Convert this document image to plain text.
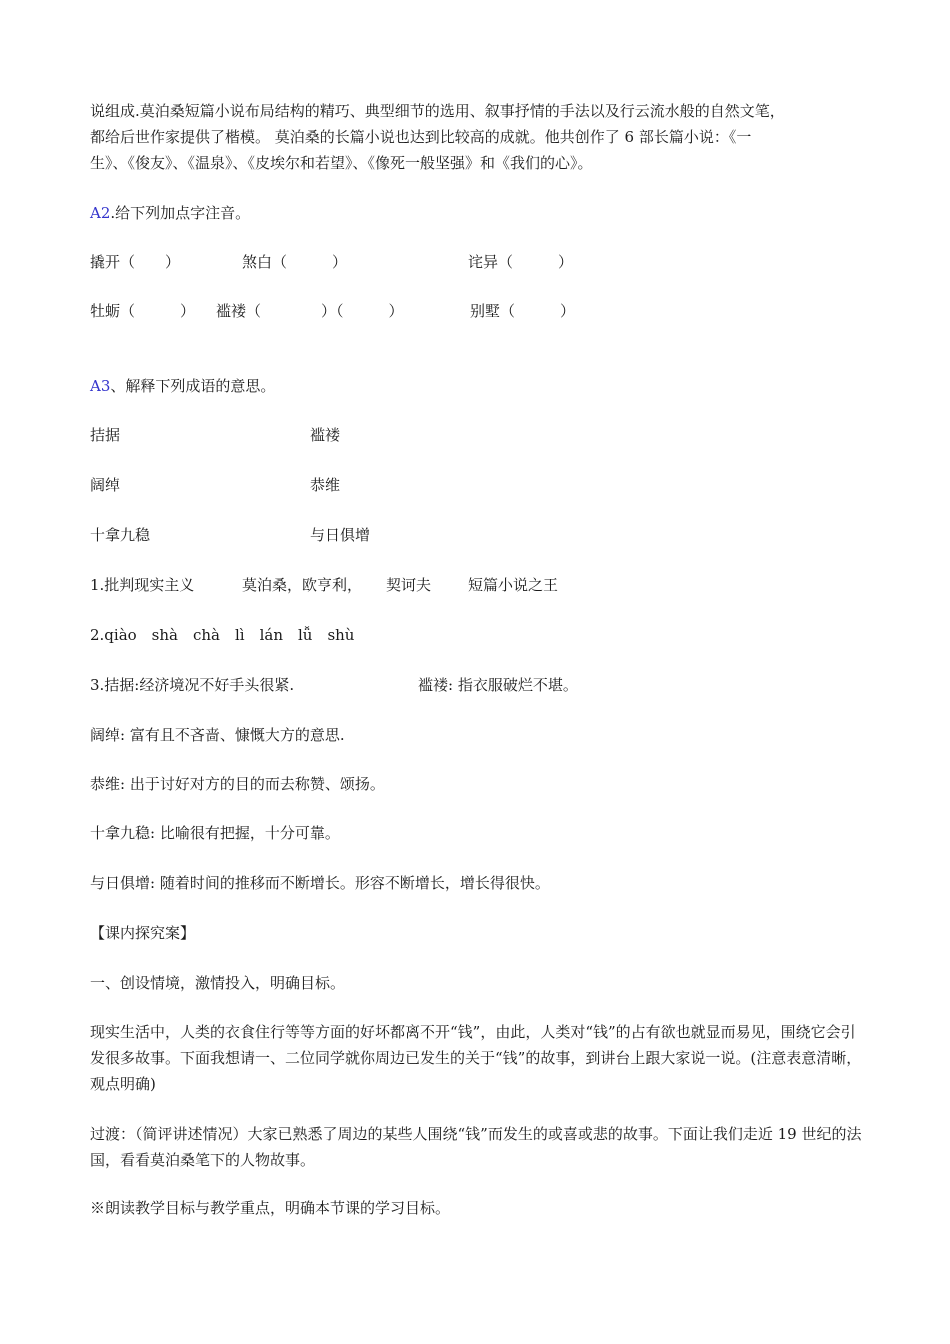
说组成.莫泊桑短篇小说布局结构的精巧、典型细节的选用、叙事抒情的手法以及行云流水般的自然文笔，
都给后世作家提供了楷模。 莫泊桑的长篇小说也达到比较高的成就。他共创作了 6 部长篇小说：《一
生》、《俊友》、《温泉》、《皮埃尔和若望》、《像死一般坚强》和《我们的心》。
A2.给下列加点字注音。
撬开（　　）	煞白（　　　）	诧异（　　　）
牡蛎（　　　） 褴褛（　　　　）（　　　）	别墅（　　　）
A3、解释下列成语的意思。
拮据	褴褛
阔绰	恭维
十拿九稳	与日俱增
1.批判现实主义	莫泊桑，欧亨利， 契诃夫 短篇小说之王
2.qiào　shà　chà　lì　lán　lǚ　shù
3.拮据:经济境况不好手头很紧.	褴褛: 指衣服破烂不堪。
阔绰: 富有且不吝啬、慷慨大方的意思.
恭维: 出于讨好对方的目的而去称赞、颂扬。
十拿九稳: 比喻很有把握，十分可靠。
与日俱增: 随着时间的推移而不断增长。形容不断增长，增长得很快。
【课内探究案】
一、创设情境，激情投入，明确目标。
现实生活中，人类的衣食住行等等方面的好坏都离不开“钱”，由此，人类对“钱”的占有欲也就显而易见，围绕它会引发很多故事。下面我想请一、二位同学就你周边已发生的关于“钱”的故事，到讲台上跟大家说一说。(注意表意清晰，观点明确)
过渡：（简评讲述情况）大家已熟悉了周边的某些人围绕“钱”而发生的或喜或悲的故事。下面让我们走近 19 世纪的法国，看看莫泊桑笔下的人物故事。
※朗读教学目标与教学重点，明确本节课的学习目标。
